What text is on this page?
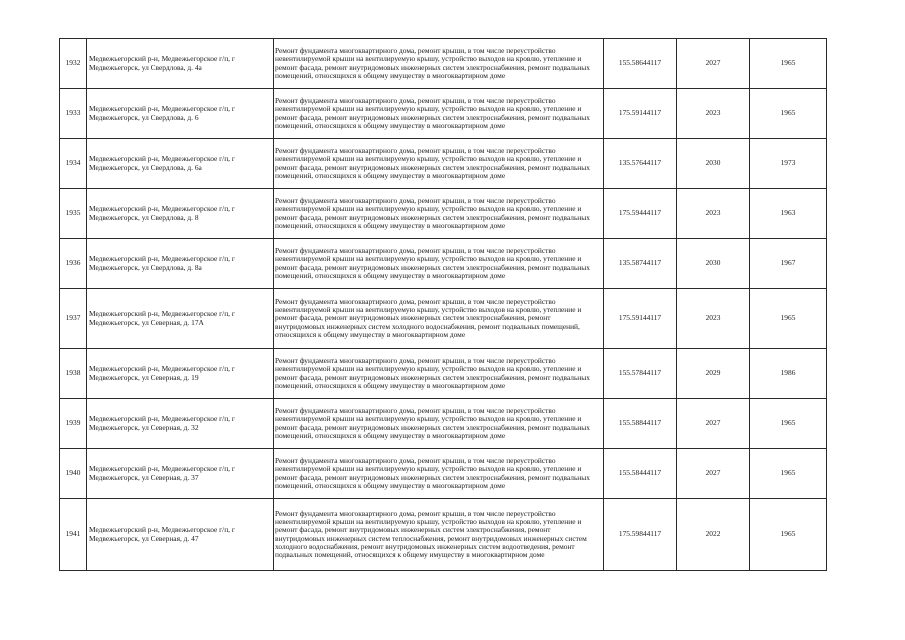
1932	Медвежьегорский р-н, Медвежьегорское г/п, г Медвежьегорск, ул Свердлова, д. 4а	Ремонт фундамента многоквартирного дома, ремонт крыши, в том числе переустройство невентилируемой крыши на вентилируемую крышу, устройство выходов на кровлю, утепление и ремонт фасада, ремонт внутридомовых инженерных систем электроснабжения, ремонт подвальных помещений, относящихся к общему имуществу в многоквартирном доме	155.58644117	2027	1965
1933	Медвежьегорский р-н, Медвежьегорское г/п, г Медвежьегорск, ул Свердлова, д. 6	Ремонт фундамента многоквартирного дома, ремонт крыши, в том числе переустройство невентилируемой крыши на вентилируемую крышу, устройство выходов на кровлю, утепление и ремонт фасада, ремонт внутридомовых инженерных систем электроснабжения, ремонт подвальных помещений, относящихся к общему имуществу в многоквартирном доме	175.59144117	2023	1965
1934	Медвежьегорский р-н, Медвежьегорское г/п, г Медвежьегорск, ул Свердлова, д. 6а	Ремонт фундамента многоквартирного дома, ремонт крыши, в том числе переустройство невентилируемой крыши на вентилируемую крышу, устройство выходов на кровлю, утепление и ремонт фасада, ремонт внутридомовых инженерных систем электроснабжения, ремонт подвальных помещений, относящихся к общему имуществу в многоквартирном доме	135.57644117	2030	1973
1935	Медвежьегорский р-н, Медвежьегорское г/п, г Медвежьегорск, ул Свердлова, д. 8	Ремонт фундамента многоквартирного дома, ремонт крыши, в том числе переустройство невентилируемой крыши на вентилируемую крышу, устройство выходов на кровлю, утепление и ремонт фасада, ремонт внутридомовых инженерных систем электроснабжения, ремонт подвальных помещений, относящихся к общему имуществу в многоквартирном доме	175.59444117	2023	1963
1936	Медвежьегорский р-н, Медвежьегорское г/п, г Медвежьегорск, ул Свердлова, д. 8а	Ремонт фундамента многоквартирного дома, ремонт крыши, в том числе переустройство невентилируемой крыши на вентилируемую крышу, устройство выходов на кровлю, утепление и ремонт фасада, ремонт внутридомовых инженерных систем электроснабжения, ремонт подвальных помещений, относящихся к общему имуществу в многоквартирном доме	135.58744117	2030	1967
1937	Медвежьегорский р-н, Медвежьегорское г/п, г Медвежьегорск, ул Северная, д. 17А	Ремонт фундамента многоквартирного дома, ремонт крыши, в том числе переустройство невентилируемой крыши на вентилируемую крышу, устройство выходов на кровлю, утепление и ремонт фасада, ремонт внутридомовых инженерных систем электроснабжения, ремонт внутридомовых инженерных систем холодного водоснабжения, ремонт подвальных помещений, относящихся к общему имуществу в многоквартирном доме	175.59144117	2023	1965
1938	Медвежьегорский р-н, Медвежьегорское г/п, г Медвежьегорск, ул Северная, д. 19	Ремонт фундамента многоквартирного дома, ремонт крыши, в том числе переустройство невентилируемой крыши на вентилируемую крышу, устройство выходов на кровлю, утепление и ремонт фасада, ремонт внутридомовых инженерных систем электроснабжения, ремонт подвальных помещений, относящихся к общему имуществу в многоквартирном доме	155.57844117	2029	1986
1939	Медвежьегорский р-н, Медвежьегорское г/п, г Медвежьегорск, ул Северная, д. 32	Ремонт фундамента многоквартирного дома, ремонт крыши, в том числе переустройство невентилируемой крыши на вентилируемую крышу, устройство выходов на кровлю, утепление и ремонт фасада, ремонт внутридомовых инженерных систем электроснабжения, ремонт подвальных помещений, относящихся к общему имуществу в многоквартирном доме	155.58844117	2027	1965
1940	Медвежьегорский р-н, Медвежьегорское г/п, г Медвежьегорск, ул Северная, д. 37	Ремонт фундамента многоквартирного дома, ремонт крыши, в том числе переустройство невентилируемой крыши на вентилируемую крышу, устройство выходов на кровлю, утепление и ремонт фасада, ремонт внутридомовых инженерных систем электроснабжения, ремонт подвальных помещений, относящихся к общему имуществу в многоквартирном доме	155.58444117	2027	1965
1941	Медвежьегорский р-н, Медвежьегорское г/п, г Медвежьегорск, ул Северная, д. 47	Ремонт фундамента многоквартирного дома, ремонт крыши, в том числе переустройство невентилируемой крыши на вентилируемую крышу, устройство выходов на кровлю, утепление и ремонт фасада, ремонт внутридомовых инженерных систем электроснабжения, ремонт внутридомовых инженерных систем теплоснабжения, ремонт внутридомовых инженерных систем холодного водоснабжения, ремонт внутридомовых инженерных систем водоотведения, ремонт подвальных помещений, относящихся к общему имуществу в многоквартирном доме	175.59844117	2022	1965
